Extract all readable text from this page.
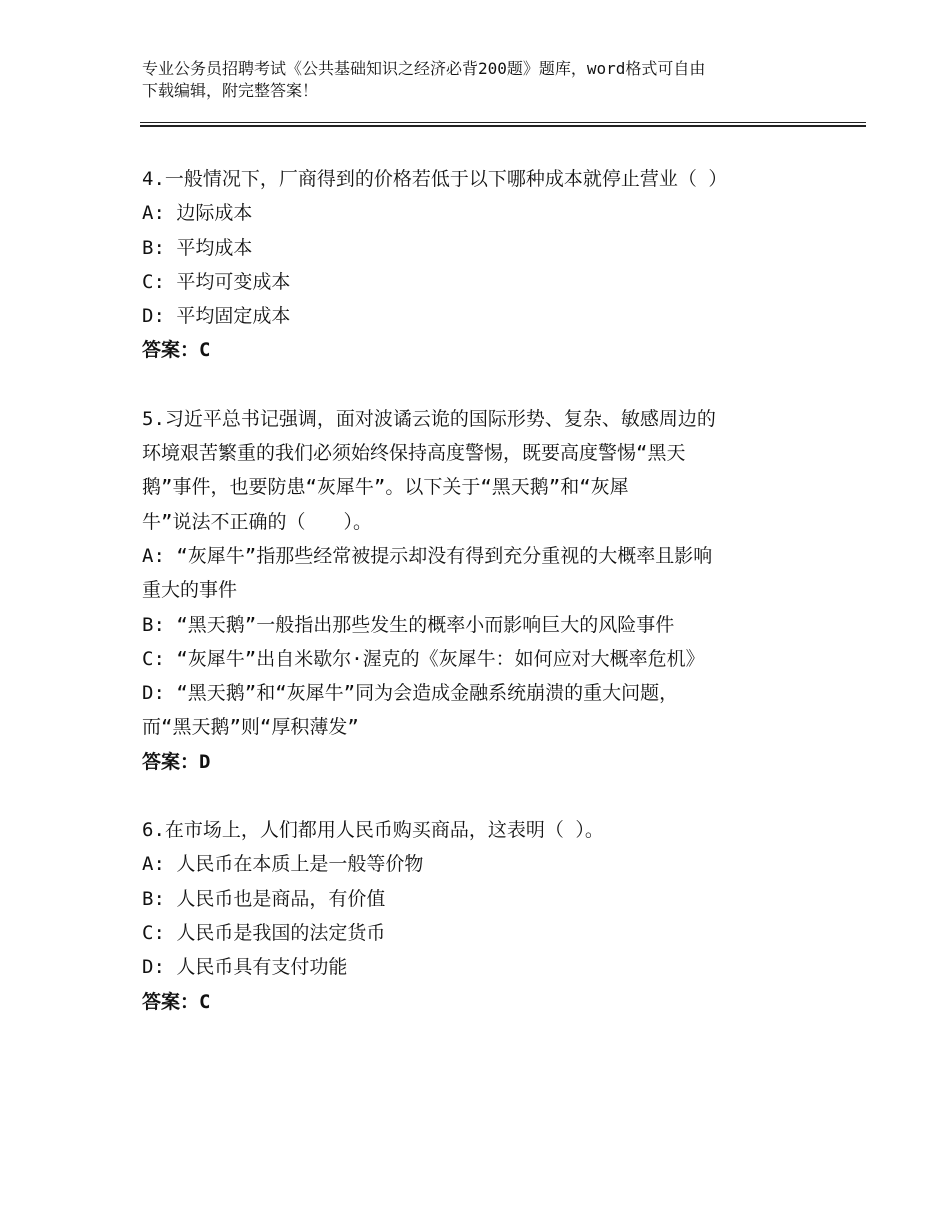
专业公务员招聘考试《公共基础知识之经济必背200题》题库，word格式可自由
下载编辑，附完整答案！
4.一般情况下，厂商得到的价格若低于以下哪种成本就停止营业（ ）
A: 边际成本
B: 平均成本
C: 平均可变成本
D: 平均固定成本
答案：C
5.习近平总书记强调，面对波谲云诡的国际形势、复杂、敏感周边的
环境艰苦繁重的我们必须始终保持高度警惕，既要高度警惕“黑天
鹅”事件，也要防患“灰犀牛”。以下关于“黑天鹅”和“灰犀
牛”说法不正确的（　　）。
A: “灰犀牛”指那些经常被提示却没有得到充分重视的大概率且影响
重大的事件
B: “黑天鹅”一般指出那些发生的概率小而影响巨大的风险事件
C: “灰犀牛”出自米歇尔·渥克的《灰犀牛：如何应对大概率危机》
D: “黑天鹅”和“灰犀牛”同为会造成金融系统崩溃的重大问题，
而“黑天鹅”则“厚积薄发”
答案：D
6.在市场上，人们都用人民币购买商品，这表明（ ）。
A: 人民币在本质上是一般等价物
B: 人民币也是商品，有价值
C: 人民币是我国的法定货币
D: 人民币具有支付功能
答案：C
